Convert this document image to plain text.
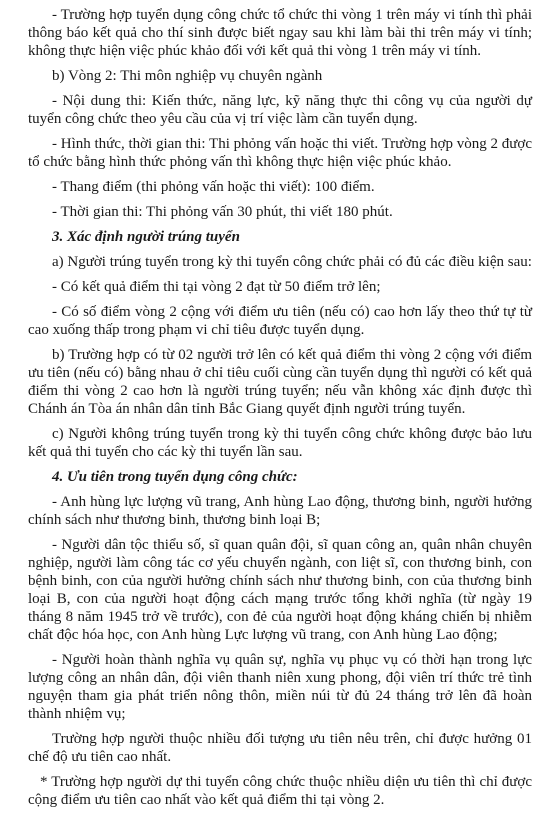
- Trường hợp tuyển dụng công chức tổ chức thi vòng 1 trên máy vi tính thì phải thông báo kết quả cho thí sinh được biết ngay sau khi làm bài thi trên máy vi tính; không thực hiện việc phúc khảo đối với kết quả thi vòng 1 trên máy vi tính.

b) Vòng 2: Thi môn nghiệp vụ chuyên ngành

- Nội dung thi: Kiến thức, năng lực, kỹ năng thực thi công vụ của người dự tuyển công chức theo yêu cầu của vị trí việc làm cần tuyển dụng.

- Hình thức, thời gian thi: Thi phỏng vấn hoặc thi viết. Trường hợp vòng 2 được tổ chức bằng hình thức phỏng vấn thì không thực hiện việc phúc khảo.

- Thang điểm (thi phỏng vấn hoặc thi viết): 100 điểm.

- Thời gian thi: Thi phỏng vấn 30 phút, thi viết 180 phút.

3. Xác định người trúng tuyển

a) Người trúng tuyển trong kỳ thi tuyển công chức phải có đủ các điều kiện sau:

- Có kết quả điểm thi tại vòng 2 đạt từ 50 điểm trở lên;

- Có số điểm vòng 2 cộng với điểm ưu tiên (nếu có) cao hơn lấy theo thứ tự từ cao xuống thấp trong phạm vi chỉ tiêu được tuyển dụng.

b) Trường hợp có từ 02 người trở lên có kết quả điểm thi vòng 2 cộng với điểm ưu tiên (nếu có) bằng nhau ở chỉ tiêu cuối cùng cần tuyển dụng thì người có kết quả điểm thi vòng 2 cao hơn là người trúng tuyển; nếu vẫn không xác định được thì Chánh án Tòa án nhân dân tỉnh Bắc Giang quyết định người trúng tuyển.

c) Người không trúng tuyển trong kỳ thi tuyển công chức không được bảo lưu kết quả thi tuyển cho các kỳ thi tuyển lần sau.

4. Ưu tiên trong tuyển dụng công chức:

- Anh hùng lực lượng vũ trang, Anh hùng Lao động, thương binh, người hưởng chính sách như thương binh, thương binh loại B;

- Người dân tộc thiểu số, sĩ quan quân đội, sĩ quan công an, quân nhân chuyên nghiệp, người làm công tác cơ yếu chuyển ngành, con liệt sĩ, con thương binh, con bệnh binh, con của người hưởng chính sách như thương binh, con của thương binh loại B, con của người hoạt động cách mạng trước tổng khởi nghĩa (từ ngày 19 tháng 8 năm 1945 trở về trước), con đẻ của người hoạt động kháng chiến bị nhiễm chất độc hóa học, con Anh hùng Lực lượng vũ trang, con Anh hùng Lao động;

- Người hoàn thành nghĩa vụ quân sự, nghĩa vụ phục vụ có thời hạn trong lực lượng công an nhân dân, đội viên thanh niên xung phong, đội viên trí thức trẻ tình nguyện tham gia phát triển nông thôn, miền núi từ đủ 24 tháng trở lên đã hoàn thành nhiệm vụ;

Trường hợp người thuộc nhiều đối tượng ưu tiên nêu trên, chỉ được hưởng 01 chế độ ưu tiên cao nhất.

* Trường hợp người dự thi tuyển công chức thuộc nhiều diện ưu tiên thì chỉ được cộng điểm ưu tiên cao nhất vào kết quả điểm thi tại vòng 2.
